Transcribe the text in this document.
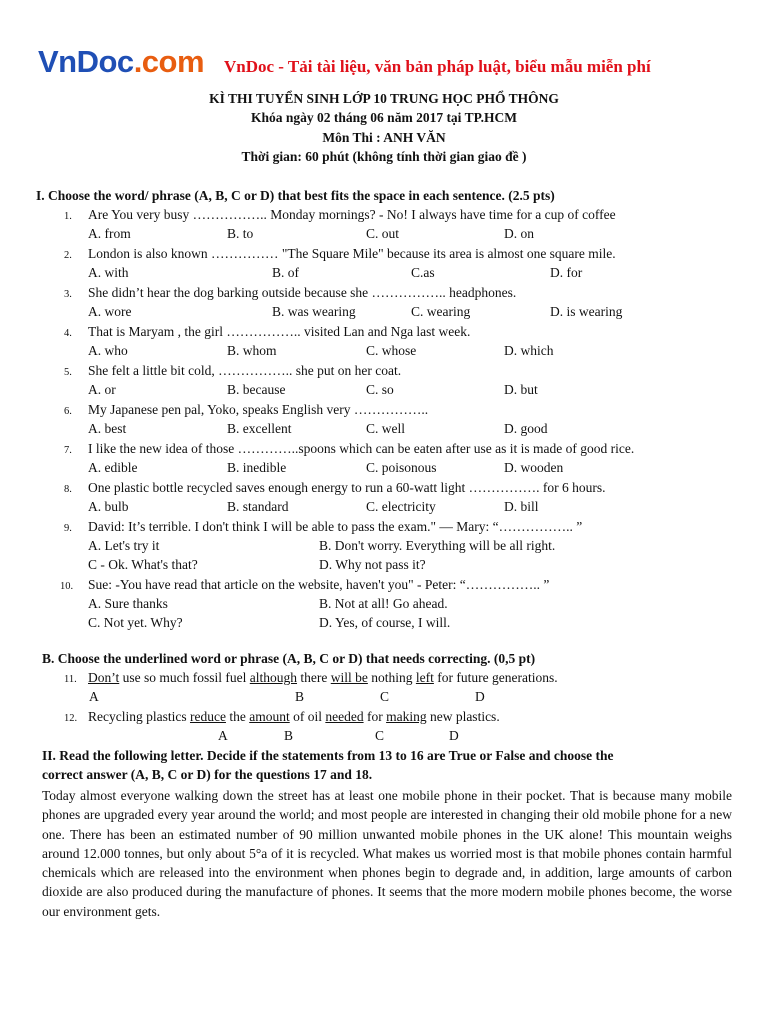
VnDoc.com VnDoc - Tải tài liệu, văn bản pháp luật, biểu mẫu miễn phí
KÌ THI TUYỂN SINH LỚP 10 TRUNG HỌC PHỔ THÔNG
Khóa ngày 02 tháng 06 năm 2017 tại TP.HCM
Môn Thi : ANH VĂN
Thời gian: 60 phút (không tính thời gian giao đề )
I. Choose the word/ phrase (A, B, C or D) that best fits the space in each sentence. (2.5 pts)
1. Are You very busy …………….. Monday mornings? - No! I always have time for a cup of coffee
A. from	B. to	C. out	D. on
2. London is also known …………… "The Square Mile" because its area is almost one square mile.
A. with	B. of	C.as	D. for
3. She didn’t hear the dog barking outside because she …………….. headphones.
A. wore	B. was wearing	C. wearing	D. is wearing
4. That is Maryam , the girl …………….. visited Lan and Nga last week.
A. who	B. whom	C. whose	D. which
5. She felt a little bit cold, …………….. she put on her coat.
A. or	B. because	C. so	D. but
6. My Japanese pen pal, Yoko, speaks English very ……………..
A. best	B. excellent	C. well	D. good
7. I like the new idea of those …………..spoons which can be eaten after use as it is made of good rice.
A. edible	B. inedible	C. poisonous	D. wooden
8. One plastic bottle recycled saves enough energy to run a 60-watt light ……………. for 6 hours.
A. bulb	B. standard	C. electricity	D. bill
9. David: It’s terrible. I don't think I will be able to pass the exam." — Mary: “…………….. ”
A. Let's try it	B. Don't worry. Everything will be all right.
C - Ok. What's that?	D. Why not pass it?
10. Sue: -You have read that article on the website, haven't you" - Peter: “…………….. ”
A. Sure thanks	B. Not at all! Go ahead.
C. Not yet. Why?	D. Yes, of course, I will.
B. Choose the underlined word or phrase (A, B, C or D) that needs correcting. (0,5 pt)
11. Don’t use so much fossil fuel although there will be nothing left for future generations.
A	B	C	D
12. Recycling plastics reduce the amount of oil needed for making new plastics.
A	B	C	D
II. Read the following letter. Decide if the statements from 13 to 16 are True or False and choose the
correct answer (A, B, C or D) for the questions 17 and 18.
Today almost everyone walking down the street has at least one mobile phone in their pocket. That is because many mobile phones are upgraded every year around the world; and most people are interested in changing their old mobile phone for a new one. There has been an estimated number of 90 million unwanted mobile phones in the UK alone! This mountain weighs around 12.000 tonnes, but only about 5°a of it is recycled. What makes us worried most is that mobile phones contain harmful chemicals which are released into the environment when phones begin to degrade and, in addition, large amounts of carbon dioxide are also produced during the manufacture of phones. It seems that the more modern mobile phones become, the worse our environment gets.
